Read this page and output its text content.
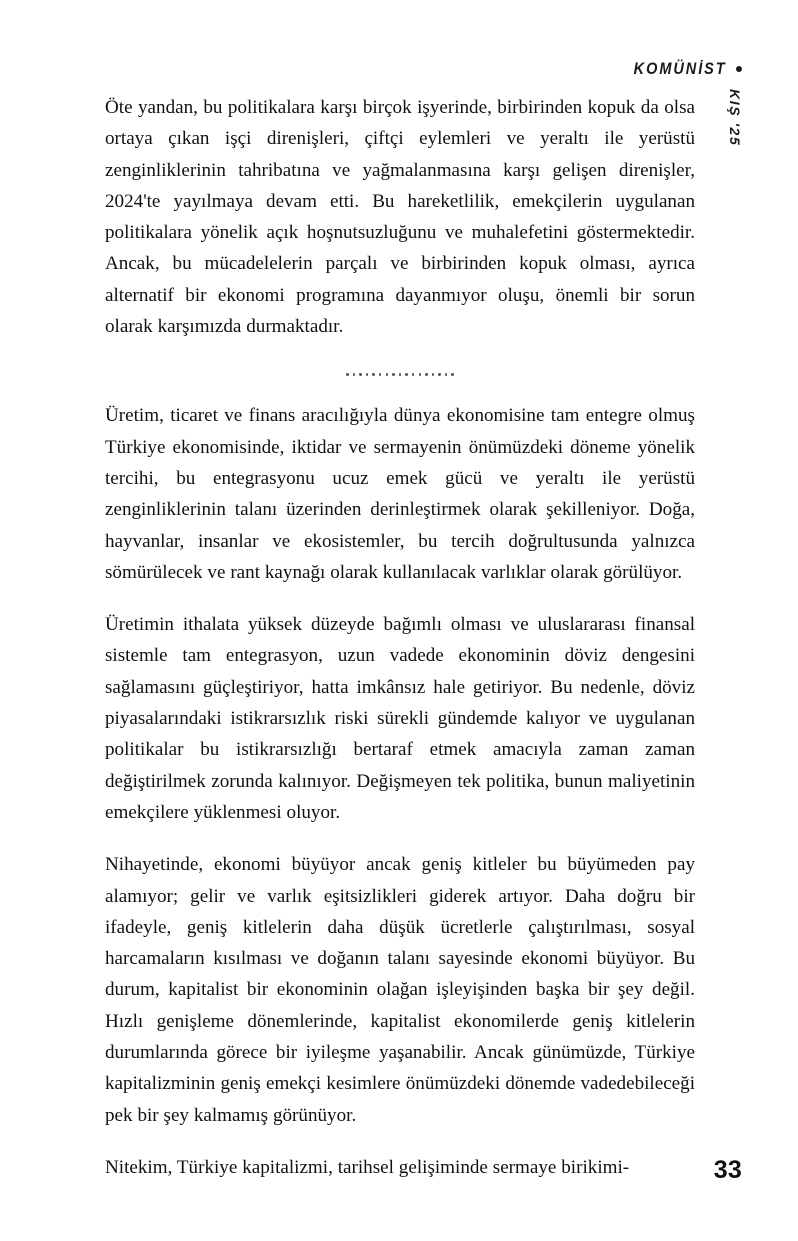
KOMÜNİST
KIŞ '25

Öte yandan, bu politikalara karşı birçok işyerinde, birbirinden kopuk da olsa ortaya çıkan işçi direnişleri, çiftçi eylemleri ve yeraltı ile yerüstü zenginliklerinin tahribatına ve yağmalanmasına karşı gelişen direnişler, 2024'te yayılmaya devam etti. Bu hareketlilik, emekçilerin uygulanan politikalara yönelik açık hoşnutsuzluğunu ve muhalefetini göstermektedir. Ancak, bu mücadelelerin parçalı ve birbirinden kopuk olması, ayrıca alternatif bir ekonomi programına dayanmıyor oluşu, önemli bir sorun olarak karşımızda durmaktadır.

Üretim, ticaret ve finans aracılığıyla dünya ekonomisine tam entegre olmuş Türkiye ekonomisinde, iktidar ve sermayenin önümüzdeki döneme yönelik tercihi, bu entegrasyonu ucuz emek gücü ve yeraltı ile yerüstü zenginliklerinin talanı üzerinden derinleştirmek olarak şekilleniyor. Doğa, hayvanlar, insanlar ve ekosistemler, bu tercih doğrultusunda yalnızca sömürülecek ve rant kaynağı olarak kullanılacak varlıklar olarak görülüyor.

Üretimin ithalata yüksek düzeyde bağımlı olması ve uluslararası finansal sistemle tam entegrasyon, uzun vadede ekonominin döviz dengesini sağlamasını güçleştiriyor, hatta imkânsız hale getiriyor. Bu nedenle, döviz piyasalarındaki istikrarsızlık riski sürekli gündemde kalıyor ve uygulanan politikalar bu istikrarsızlığı bertaraf etmek amacıyla zaman zaman değiştirilmek zorunda kalınıyor. Değişmeyen tek politika, bunun maliyetinin emekçilere yüklenmesi oluyor.

Nihayetinde, ekonomi büyüyor ancak geniş kitleler bu büyümeden pay alamıyor; gelir ve varlık eşitsizlikleri giderek artıyor. Daha doğru bir ifadeyle, geniş kitlelerin daha düşük ücretlerle çalıştırılması, sosyal harcamaların kısılması ve doğanın talanı sayesinde ekonomi büyüyor. Bu durum, kapitalist bir ekonominin olağan işleyişinden başka bir şey değil. Hızlı genişleme dönemlerinde, kapitalist ekonomilerde geniş kitlelerin durumlarında görece bir iyileşme yaşanabilir. Ancak günümüzde, Türkiye kapitalizminin geniş emekçi kesimlere önümüzdeki dönemde vadedebileceği pek bir şey kalmamış görünüyor.

Nitekim, Türkiye kapitalizmi, tarihsel gelişiminde sermaye birikimi-	33
